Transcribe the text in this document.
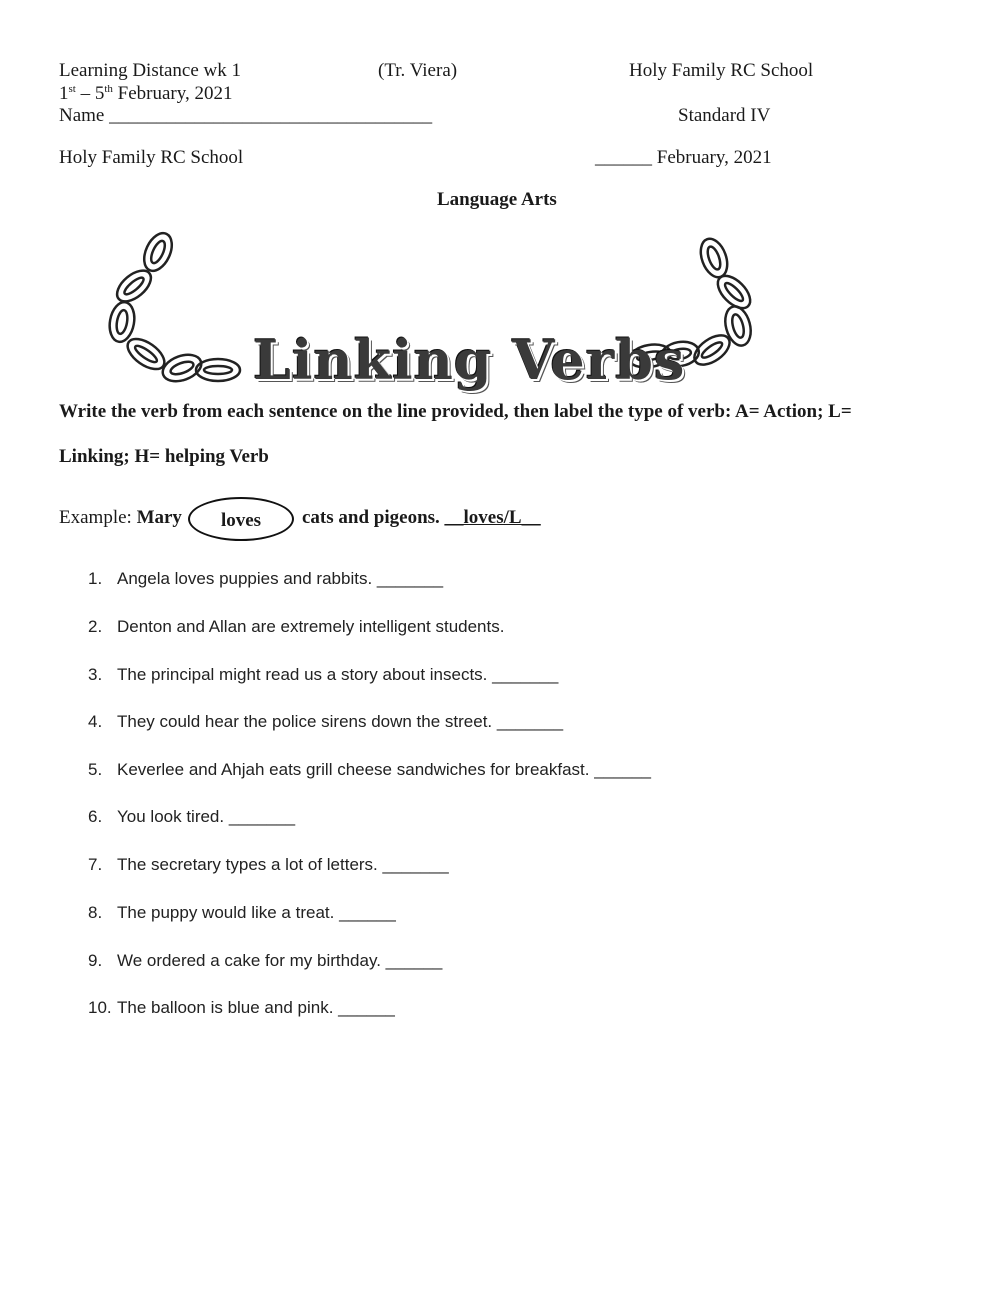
Learning Distance wk 1	(Tr. Viera)	Holy Family RC School
1st – 5th February, 2021
Name __________________________________	Standard IV
Holy Family RC School	______ February, 2021
Language Arts
Linking Verbs
Write the verb from each sentence on the line provided, then label the type of verb: A= Action; L=
Linking; H= helping Verb
Example: Mary	loves	cats and pigeons. __loves/L__
1. Angela loves puppies and rabbits. _______
2. Denton and Allan are extremely intelligent students.
3. The principal might read us a story about insects. _______
4. They could hear the police sirens down the street. _______
5. Keverlee and Ahjah eats grill cheese sandwiches for breakfast. ______
6. You look tired. _______
7. The secretary types a lot of letters. _______
8. The puppy would like a treat. ______
9. We ordered a cake for my birthday. ______
10. The balloon is blue and pink. ______
